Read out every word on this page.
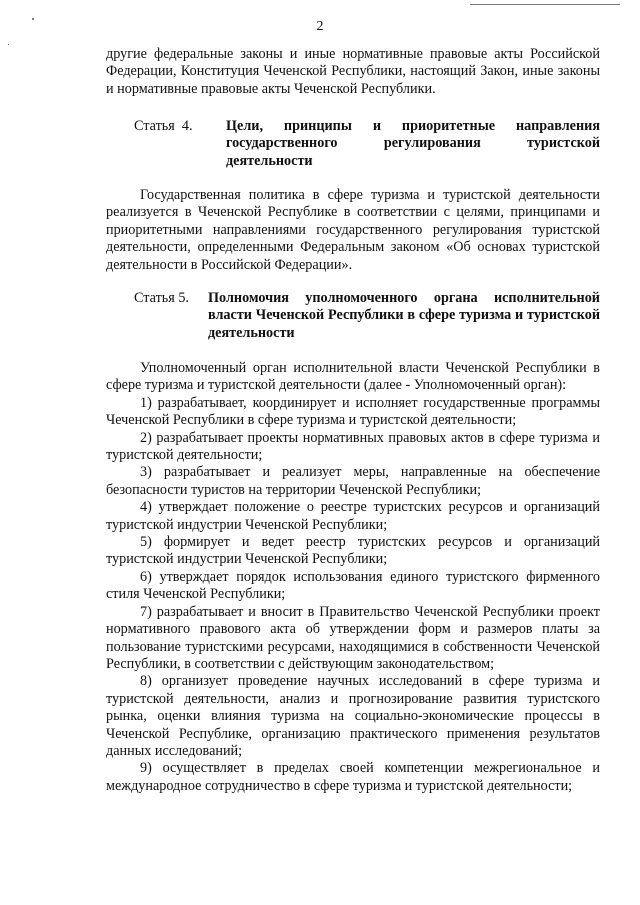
2

другие федеральные законы и иные нормативные правовые акты Российской Федерации, Конституция Чеченской Республики, настоящий Закон, иные законы и нормативные правовые акты Чеченской Республики.

Статья  4.	Цели, принципы и приоритетные направления государственного регулирования туристской деятельности

Государственная политика в сфере туризма и туристской деятельности реализуется в Чеченской Республике в соответствии с целями, принципами и приоритетными направлениями государственного регулирования туристской деятельности, определенными Федеральным законом «Об основах туристской деятельности в Российской Федерации».

Статья 5.	Полномочия уполномоченного органа исполнительной власти Чеченской Республики в сфере туризма и туристской деятельности

Уполномоченный орган исполнительной власти Чеченской Республики в сфере туризма и туристской деятельности (далее - Уполномоченный орган):

1) разрабатывает, координирует и исполняет государственные программы Чеченской Республики в сфере туризма и туристской деятельности;

2) разрабатывает проекты нормативных правовых актов в сфере туризма и туристской деятельности;

3) разрабатывает и реализует меры, направленные на обеспечение безопасности туристов на территории Чеченской Республики;

4) утверждает положение о реестре туристских ресурсов и организаций туристской индустрии Чеченской Республики;

5) формирует и ведет реестр туристских ресурсов и организаций туристской индустрии Чеченской Республики;

6) утверждает порядок использования единого туристского фирменного стиля Чеченской Республики;

7) разрабатывает и вносит в Правительство Чеченской Республики проект нормативного правового акта об утверждении форм и размеров платы за пользование туристскими ресурсами, находящимися в собственности Чеченской Республики, в соответствии с действующим законодательством;

8) организует проведение научных исследований в сфере туризма и туристской деятельности, анализ и прогнозирование развития туристского рынка, оценки влияния туризма на социально-экономические процессы в Чеченской Республике, организацию практического применения результатов данных исследований;

9) осуществляет в пределах своей компетенции межрегиональное и международное сотрудничество в сфере туризма и туристской деятельности;
